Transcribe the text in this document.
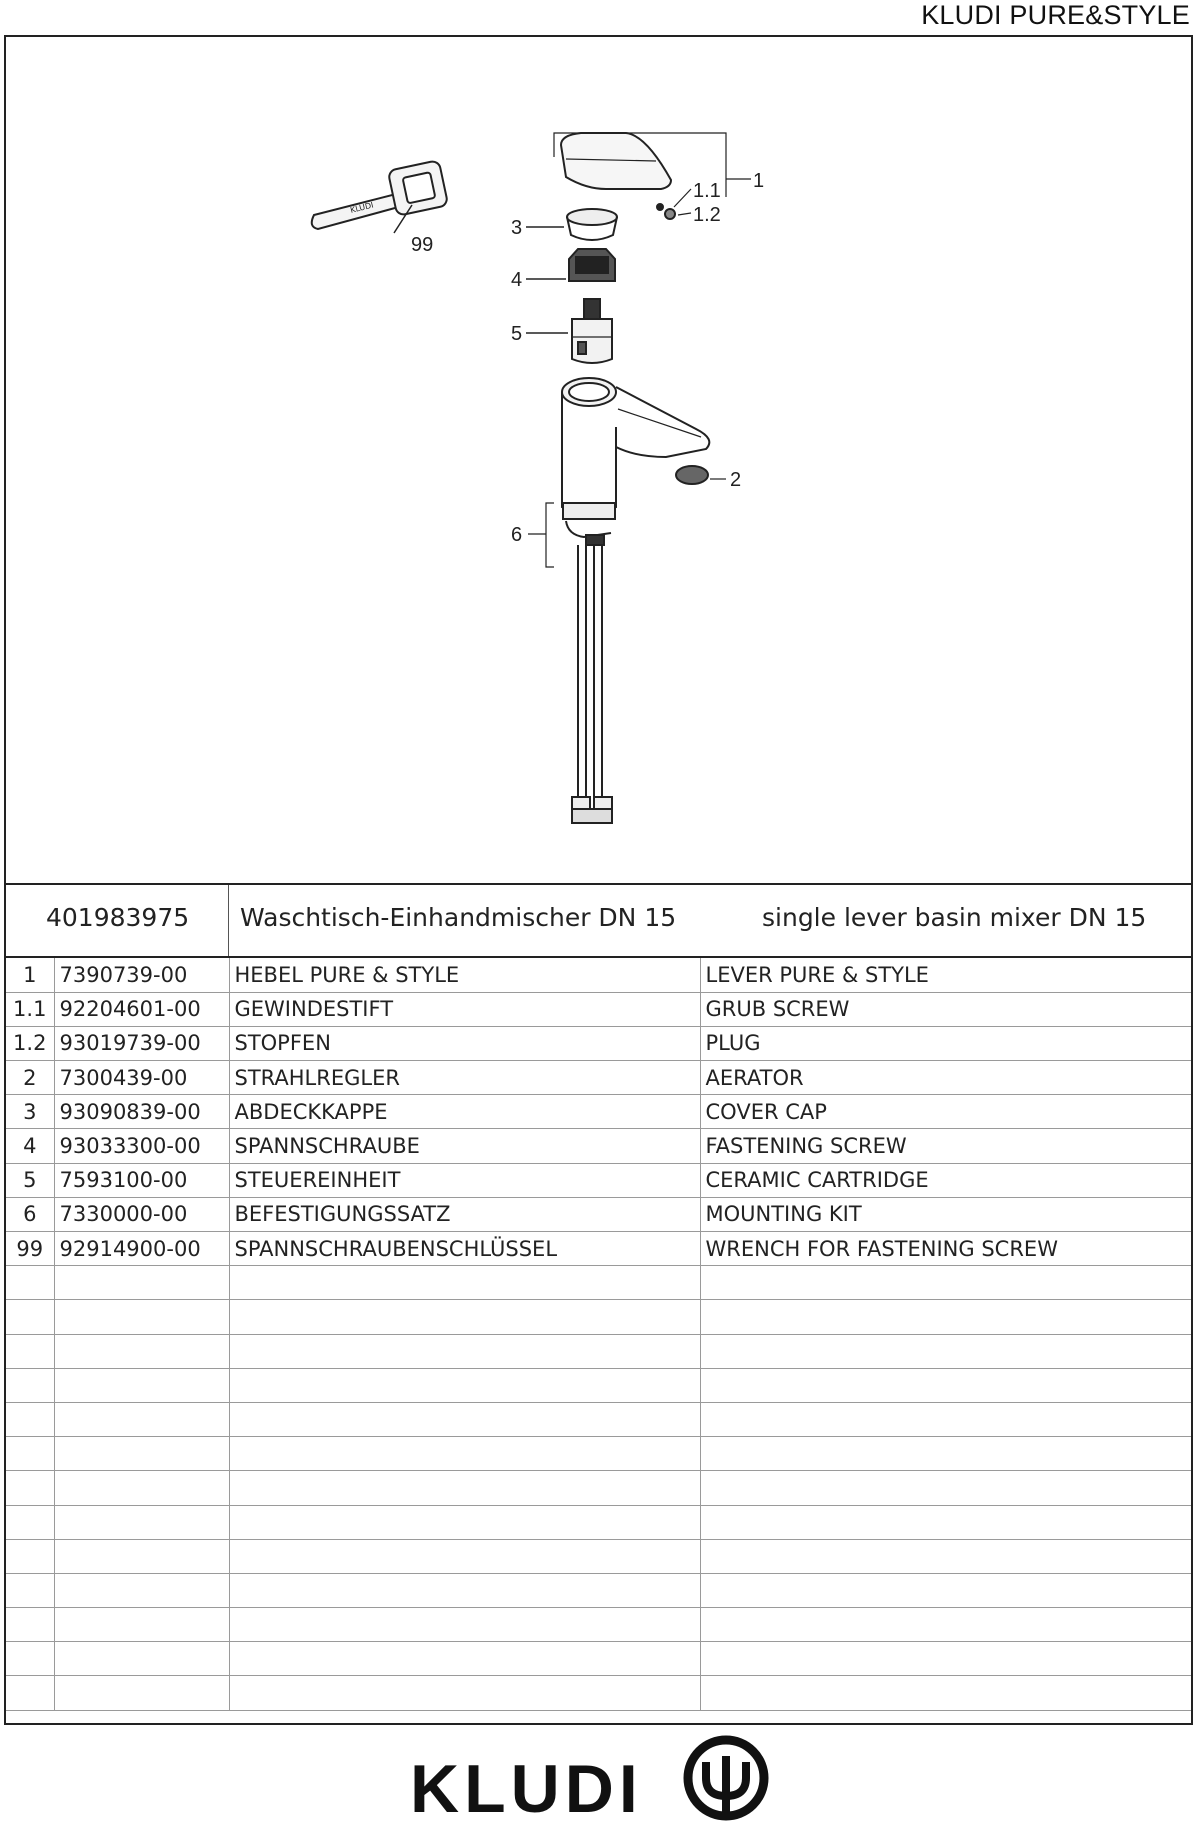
KLUDI PURE&STYLE
KLUDI
1
1.1
1.2
2
3
4
5
6
99
401983975 Waschtisch-Einhandmischer DN 15	single lever basin mixer DN 15
1	7390739-00	HEBEL PURE & STYLE	LEVER PURE & STYLE
1.1	92204601-00	GEWINDESTIFT	GRUB SCREW
1.2	93019739-00	STOPFEN	PLUG
2	7300439-00	STRAHLREGLER	AERATOR
3	93090839-00	ABDECKKAPPE	COVER CAP
4	93033300-00	SPANNSCHRAUBE	FASTENING SCREW
5	7593100-00	STEUEREINHEIT	CERAMIC CARTRIDGE
6	7330000-00	BEFESTIGUNGSSATZ	MOUNTING KIT
99	92914900-00	SPANNSCHRAUBENSCHLÜSSEL	WRENCH FOR FASTENING SCREW

KLUDI
